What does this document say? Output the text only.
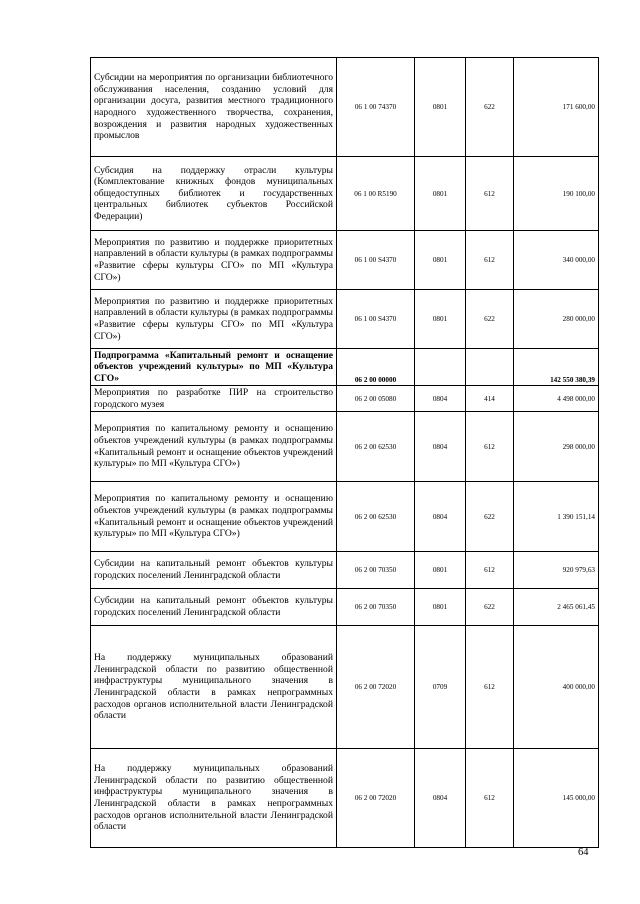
Субсидии на мероприятия по организации библиотечного обслуживания населения, созданию условий для организации досуга, развития местного традиционного народного художественного творчества, сохранения, возрождения и развития народных художественных промыслов	06 1 00 74370	0801	622	171 600,00
Субсидия на поддержку отрасли культуры (Комплектование книжных фондов муниципальных общедоступных библиотек и государственных центральных библиотек субъектов Российской Федерации)	06 1 00 R5190	0801	612	190 100,00
Мероприятия по развитию и поддержке приоритетных направлений в области культуры (в рамках подпрограммы «Развитие сферы культуры СГО» по МП «Культура СГО»)	06 1 00 S4370	0801	612	340 000,00
Мероприятия по развитию и поддержке приоритетных направлений в области культуры (в рамках подпрограммы «Развитие сферы культуры СГО» по МП «Культура СГО»)	06 1 00 S4370	0801	622	280 000,00
Подпрограмма «Капитальный ремонт и оснащение объектов учреждений культуры» по МП «Культура СГО»	06 2 00 00000			142 550 380,39
Мероприятия по разработке ПИР на строительство городского музея	06 2 00 05080	0804	414	4 498 000,00
Мероприятия по капитальному ремонту и оснащению объектов учреждений культуры (в рамках подпрограммы «Капитальный ремонт и оснащение объектов учреждений культуры» по МП «Культура СГО»)	06 2 00 62530	0804	612	298 000,00
Мероприятия по капитальному ремонту и оснащению объектов учреждений культуры (в рамках подпрограммы «Капитальный ремонт и оснащение объектов учреждений культуры» по МП «Культура СГО»)	06 2 00 62530	0804	622	1 390 151,14
Субсидии на капитальный ремонт объектов культуры городских поселений Ленинградской области	06 2 00 70350	0801	612	920 979,63
Субсидии на капитальный ремонт объектов культуры городских поселений Ленинградской области	06 2 00 70350	0801	622	2 465 061,45
На поддержку муниципальных образований Ленинградской области по развитию общественной инфраструктуры муниципального значения в Ленинградской области в рамках непрограммных расходов органов исполнительной власти Ленинградской области	06 2 00 72020	0709	612	400 000,00
На поддержку муниципальных образований Ленинградской области по развитию общественной инфраструктуры муниципального значения в Ленинградской области в рамках непрограммных расходов органов исполнительной власти Ленинградской области	06 2 00 72020	0804	612	145 000,00
64
